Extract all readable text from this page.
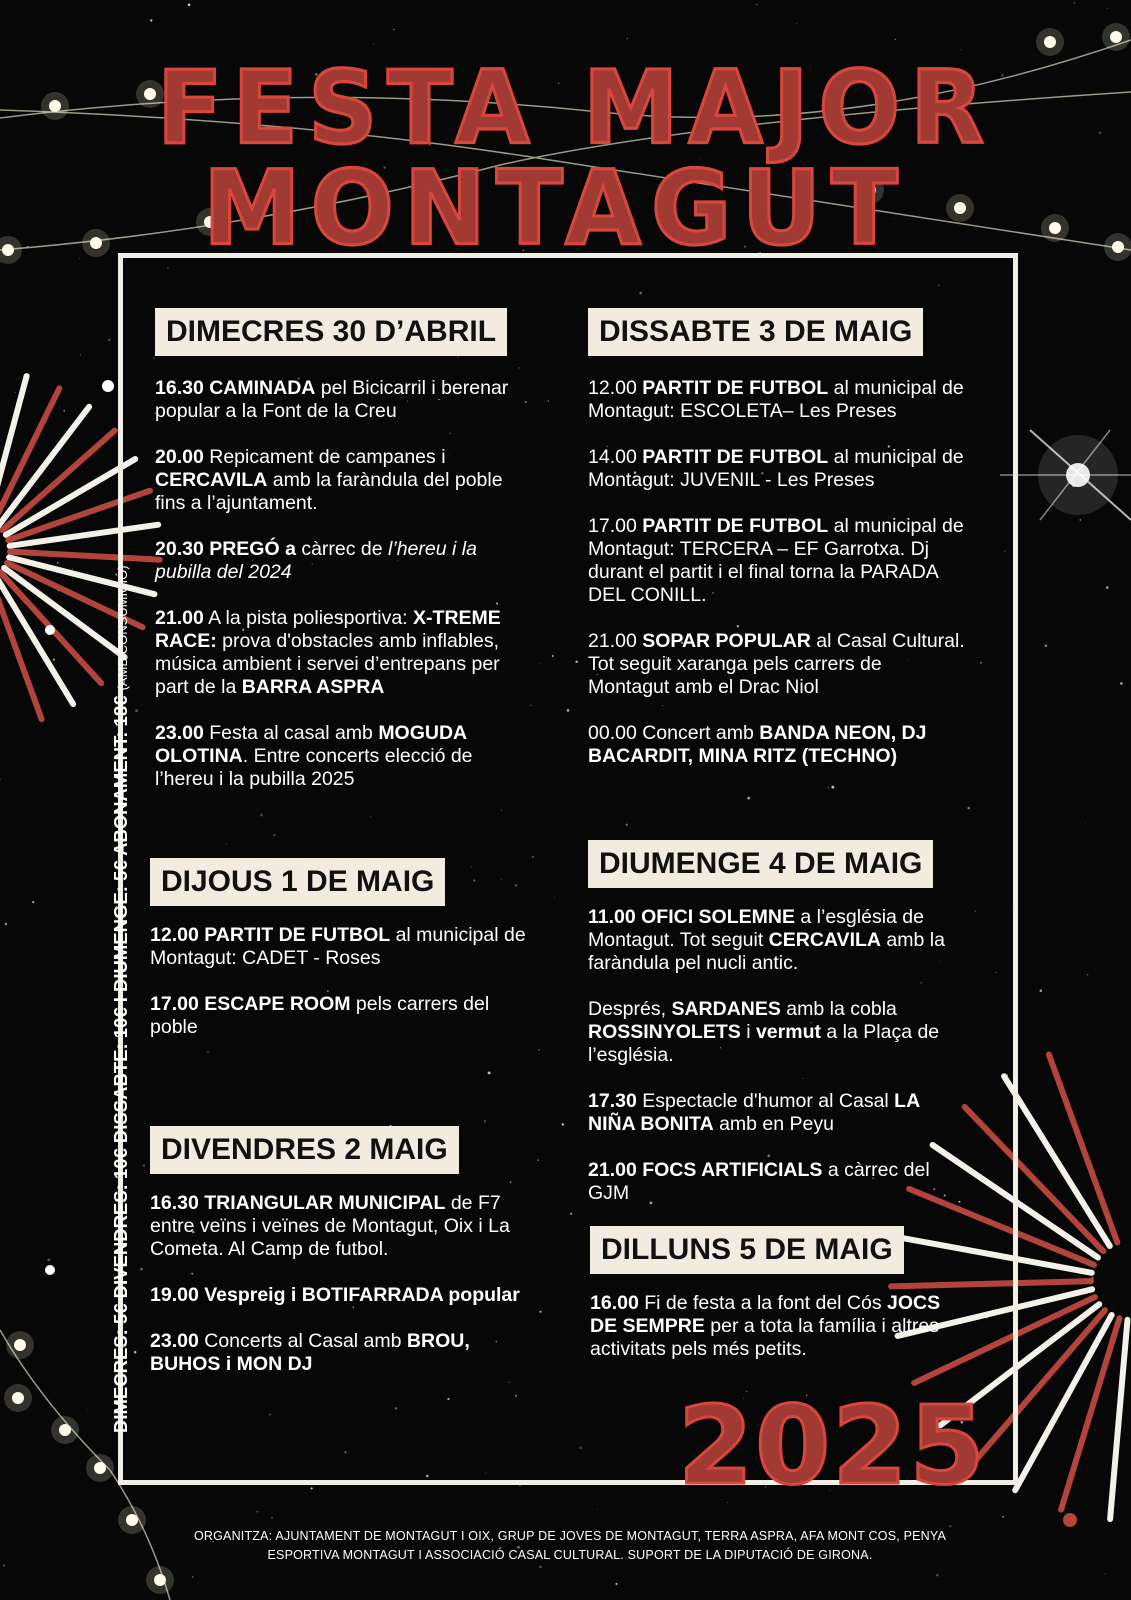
FESTA MAJOR
MONTAGUT
DIMECRES: 5€ DIVENDRES: 10€ DISSABTE: 10€ I DIUMENGE: 5€ ABONAMENT: 18€ (AMB CONSUMICIÓ)
DIMECRES 30 D’ABRIL

16.30 CAMINADA pel Bicicarril i berenar popular a la Font de la Creu

20.00 Repicament de campanes i CERCAVILA amb la faràndula del poble fins a l’ajuntament.

20.30 PREGÓ a càrrec de l’hereu i la pubilla del 2024

21.00 A la pista poliesportiva: X-TREME RACE: prova d'obstacles amb inflables, música ambient i servei d’entrepans per part de la BARRA ASPRA

23.00 Festa al casal amb MOGUDA OLOTINA. Entre concerts elecció de l’hereu i la pubilla 2025

DIJOUS 1 DE MAIG

12.00 PARTIT DE FUTBOL al municipal de Montagut: CADET - Roses

17.00 ESCAPE ROOM pels carrers del poble

DIVENDRES 2 MAIG

16.30 TRIANGULAR MUNICIPAL de F7 entre veïns i veïnes de Montagut, Oix i La Cometa. Al Camp de futbol.

19.00 Vespreig i BOTIFARRADA popular

23.00 Concerts al Casal amb BROU, BUHOS i MON DJ

DISSABTE 3 DE MAIG

12.00 PARTIT DE FUTBOL al municipal de Montagut: ESCOLETA– Les Preses

14.00 PARTIT DE FUTBOL al municipal de Montagut: JUVENIL - Les Preses

17.00 PARTIT DE FUTBOL al municipal de Montagut: TERCERA – EF Garrotxa. Dj durant el partit i el final torna la PARADA DEL CONILL.

21.00 SOPAR POPULAR al Casal Cultural. Tot seguit xaranga pels carrers de Montagut amb el Drac Niol

00.00 Concert amb BANDA NEON, DJ BACARDIT, MINA RITZ (TECHNO)

DIUMENGE 4 DE MAIG

11.00 OFICI SOLEMNE a l’església de Montagut. Tot seguit CERCAVILA amb la faràndula pel nucli antic.

Després, SARDANES amb la cobla ROSSINYOLETS i vermut a la Plaça de l’església.

17.30 Espectacle d'humor al Casal LA NIÑA BONITA amb en Peyu

21.00 FOCS ARTIFICIALS a càrrec del GJM

DILLUNS 5 DE MAIG

16.00 Fi de festa a la font del Cós JOCS DE SEMPRE per a tota la família i altres activitats pels més petits.

2025
ORGANITZA: AJUNTAMENT DE MONTAGUT I OIX, GRUP DE JOVES DE MONTAGUT, TERRA ASPRA, AFA MONT COS, PENYA
ESPORTIVA MONTAGUT I ASSOCIACIÓ CASAL CULTURAL. SUPORT DE LA DIPUTACIÓ DE GIRONA.
